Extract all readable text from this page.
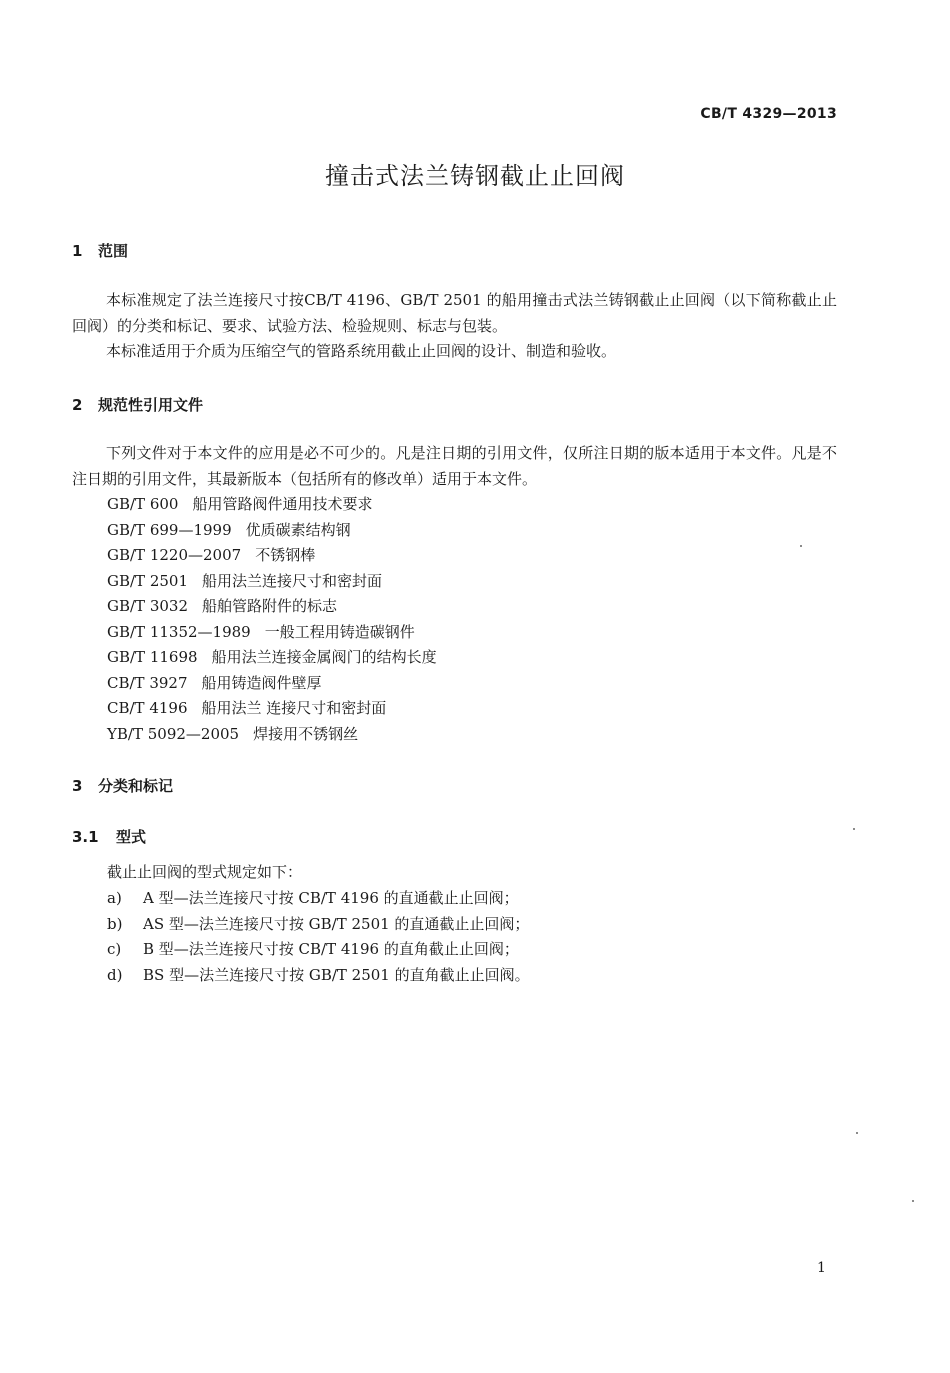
CB/T 4329—2013
撞击式法兰铸钢截止止回阀
1 范围

本标准规定了法兰连接尺寸按CB/T 4196、GB/T 2501 的船用撞击式法兰铸钢截止止回阀（以下简称截止止回阀）的分类和标记、要求、试验方法、检验规则、标志与包装。

本标准适用于介质为压缩空气的管路系统用截止止回阀的设计、制造和验收。

2 规范性引用文件

下列文件对于本文件的应用是必不可少的。凡是注日期的引用文件，仅所注日期的版本适用于本文件。凡是不注日期的引用文件，其最新版本（包括所有的修改单）适用于本文件。

GB/T 600 船用管路阀件通用技术要求
GB/T 699—1999 优质碳素结构钢
GB/T 1220—2007 不锈钢棒
GB/T 2501 船用法兰连接尺寸和密封面
GB/T 3032 船舶管路附件的标志
GB/T 11352—1989 一般工程用铸造碳钢件
GB/T 11698 船用法兰连接金属阀门的结构长度
CB/T 3927 船用铸造阀件壁厚
CB/T 4196 船用法兰 连接尺寸和密封面
YB/T 5092—2005 焊接用不锈钢丝
3 分类和标记
3.1 型式

截止止回阀的型式规定如下：

a) A 型—法兰连接尺寸按 CB/T 4196 的直通截止止回阀；
b) AS 型—法兰连接尺寸按 GB/T 2501 的直通截止止回阀；
c) B 型—法兰连接尺寸按 CB/T 4196 的直角截止止回阀；
d) BS 型—法兰连接尺寸按 GB/T 2501 的直角截止止回阀。
1
